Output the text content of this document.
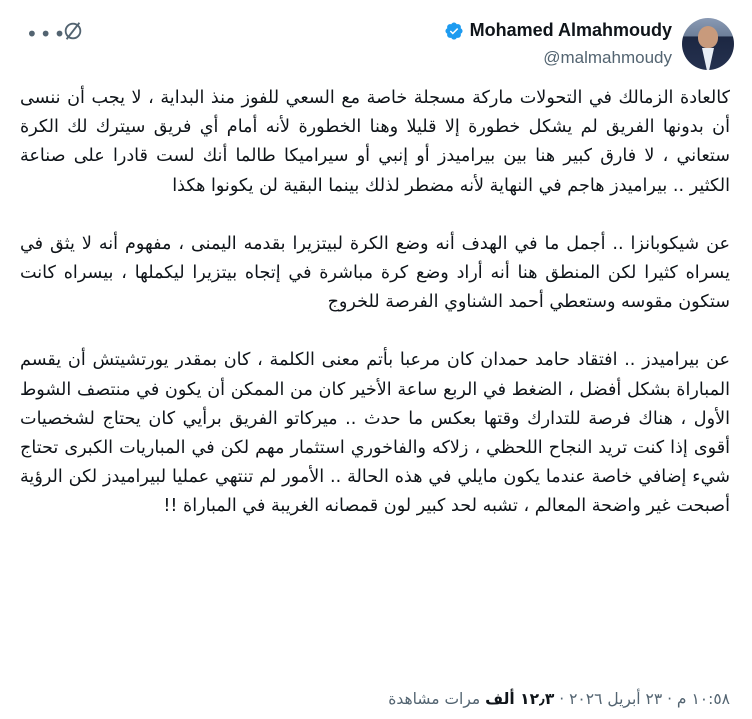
Mohamed Almahmoudy
@malmahmoudy
•••

كالعادة الزمالك في التحولات ماركة مسجلة خاصة مع السعي للفوز منذ البداية ، لا يجب أن ننسى أن بدونها الفريق لم يشكل خطورة إلا قليلا وهنا الخطورة لأنه أمام أي فريق سيترك لك الكرة ستعاني ، لا فارق كبير هنا بين بيراميدز أو إنبي أو سيراميكا طالما أنك لست قادرا على صناعة الكثير .. بيراميدز هاجم في النهاية لأنه مضطر لذلك بينما البقية لن يكونوا هكذا

عن شيكوبانزا .. أجمل ما في الهدف أنه وضع الكرة لبيتزيرا بقدمه اليمنى ، مفهوم أنه لا يثق في يسراه كثيرا لكن المنطق هنا أنه أراد وضع كرة مباشرة في إتجاه بيتزيرا ليكملها ، بيسراه كانت ستكون مقوسه وستعطي أحمد الشناوي الفرصة للخروج

عن بيراميدز .. افتقاد حامد حمدان كان مرعبا بأتم معنى الكلمة ، كان بمقدر يورتشيتش أن يقسم المباراة بشكل أفضل ، الضغط في الربع ساعة الأخير كان من الممكن أن يكون في منتصف الشوط الأول ، هناك فرصة للتدارك وقتها بعكس ما حدث .. ميركاتو الفريق برأيي كان يحتاج لشخصيات أقوى إذا كنت تريد النجاح اللحظي ، زلاكه والفاخوري استثمار مهم لكن في المباريات الكبرى تحتاج شيء إضافي خاصة عندما يكون مايلي في هذه الحالة .. الأمور لم تنتهي عمليا لبيراميدز لكن الرؤية أصبحت غير واضحة المعالم ، تشبه لحد كبير لون قمصانه الغريبة في المباراة !!

١٠:٥٨ م · ٢٣ أبريل ٢٠٢٦ · ١٢٫٣ ألف مرات مشاهدة
